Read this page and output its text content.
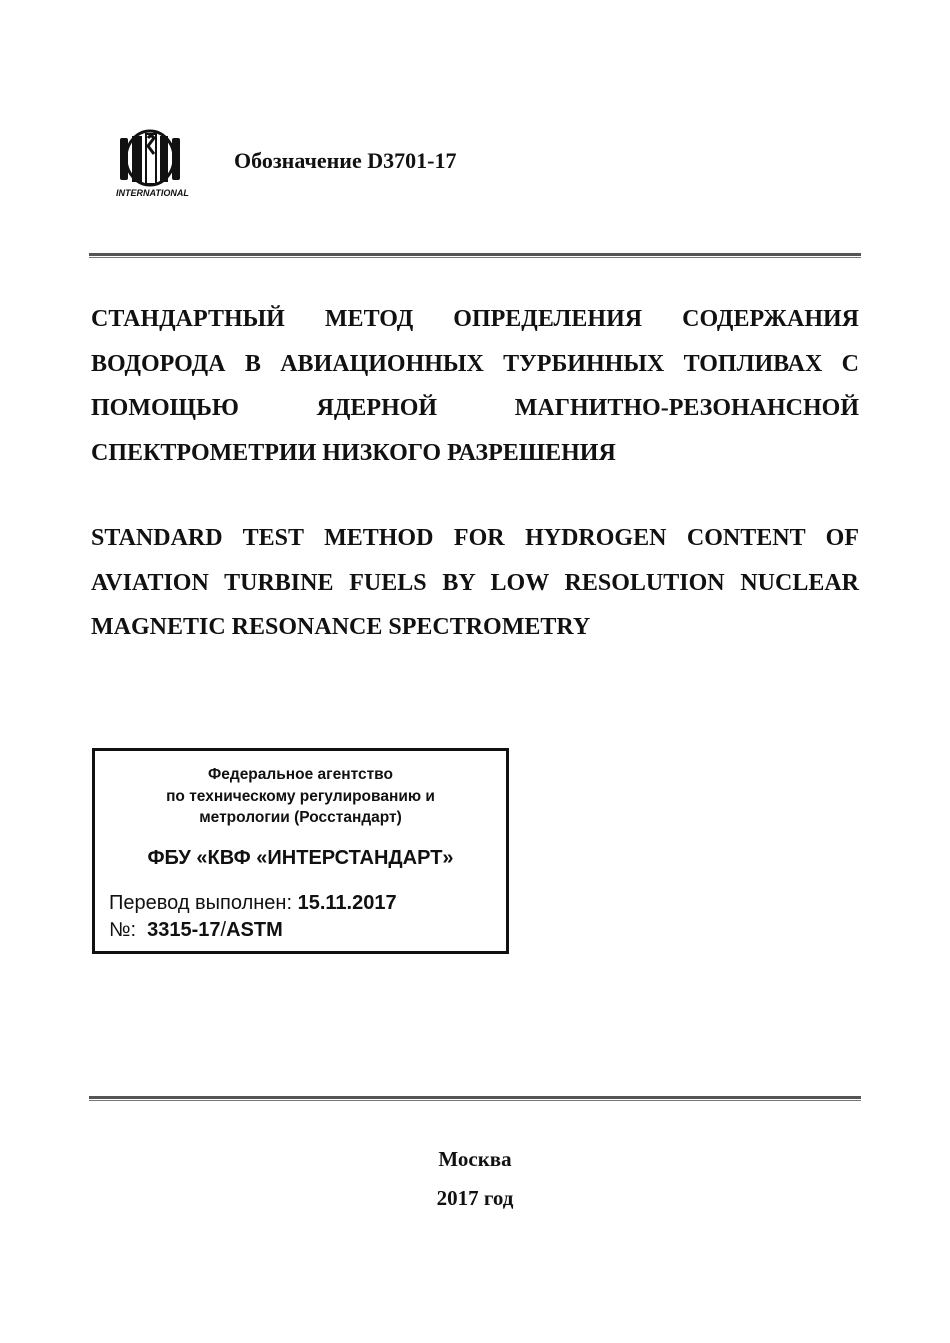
INTERNATIONAL
Обозначение D3701-17
СТАНДАРТНЫЙ МЕТОД ОПРЕДЕЛЕНИЯ СОДЕРЖАНИЯ
ВОДОРОДА В АВИАЦИОННЫХ ТУРБИННЫХ ТОПЛИВАХ С
ПОМОЩЬЮ ЯДЕРНОЙ МАГНИТНО-РЕЗОНАНСНОЙ
СПЕКТРОМЕТРИИ НИЗКОГО РАЗРЕШЕНИЯ
STANDARD TEST METHOD FOR HYDROGEN CONTENT OF
AVIATION TURBINE FUELS BY LOW RESOLUTION NUCLEAR
MAGNETIC RESONANCE SPECTROMETRY
Федеральное агентство
по техническому регулированию и
метрологии (Росстандарт)
ФБУ «КВФ «ИНТЕРСТАНДАРТ»
Перевод выполнен: 15.11.2017
№: 3315-17/ASTM
Москва
2017 год
